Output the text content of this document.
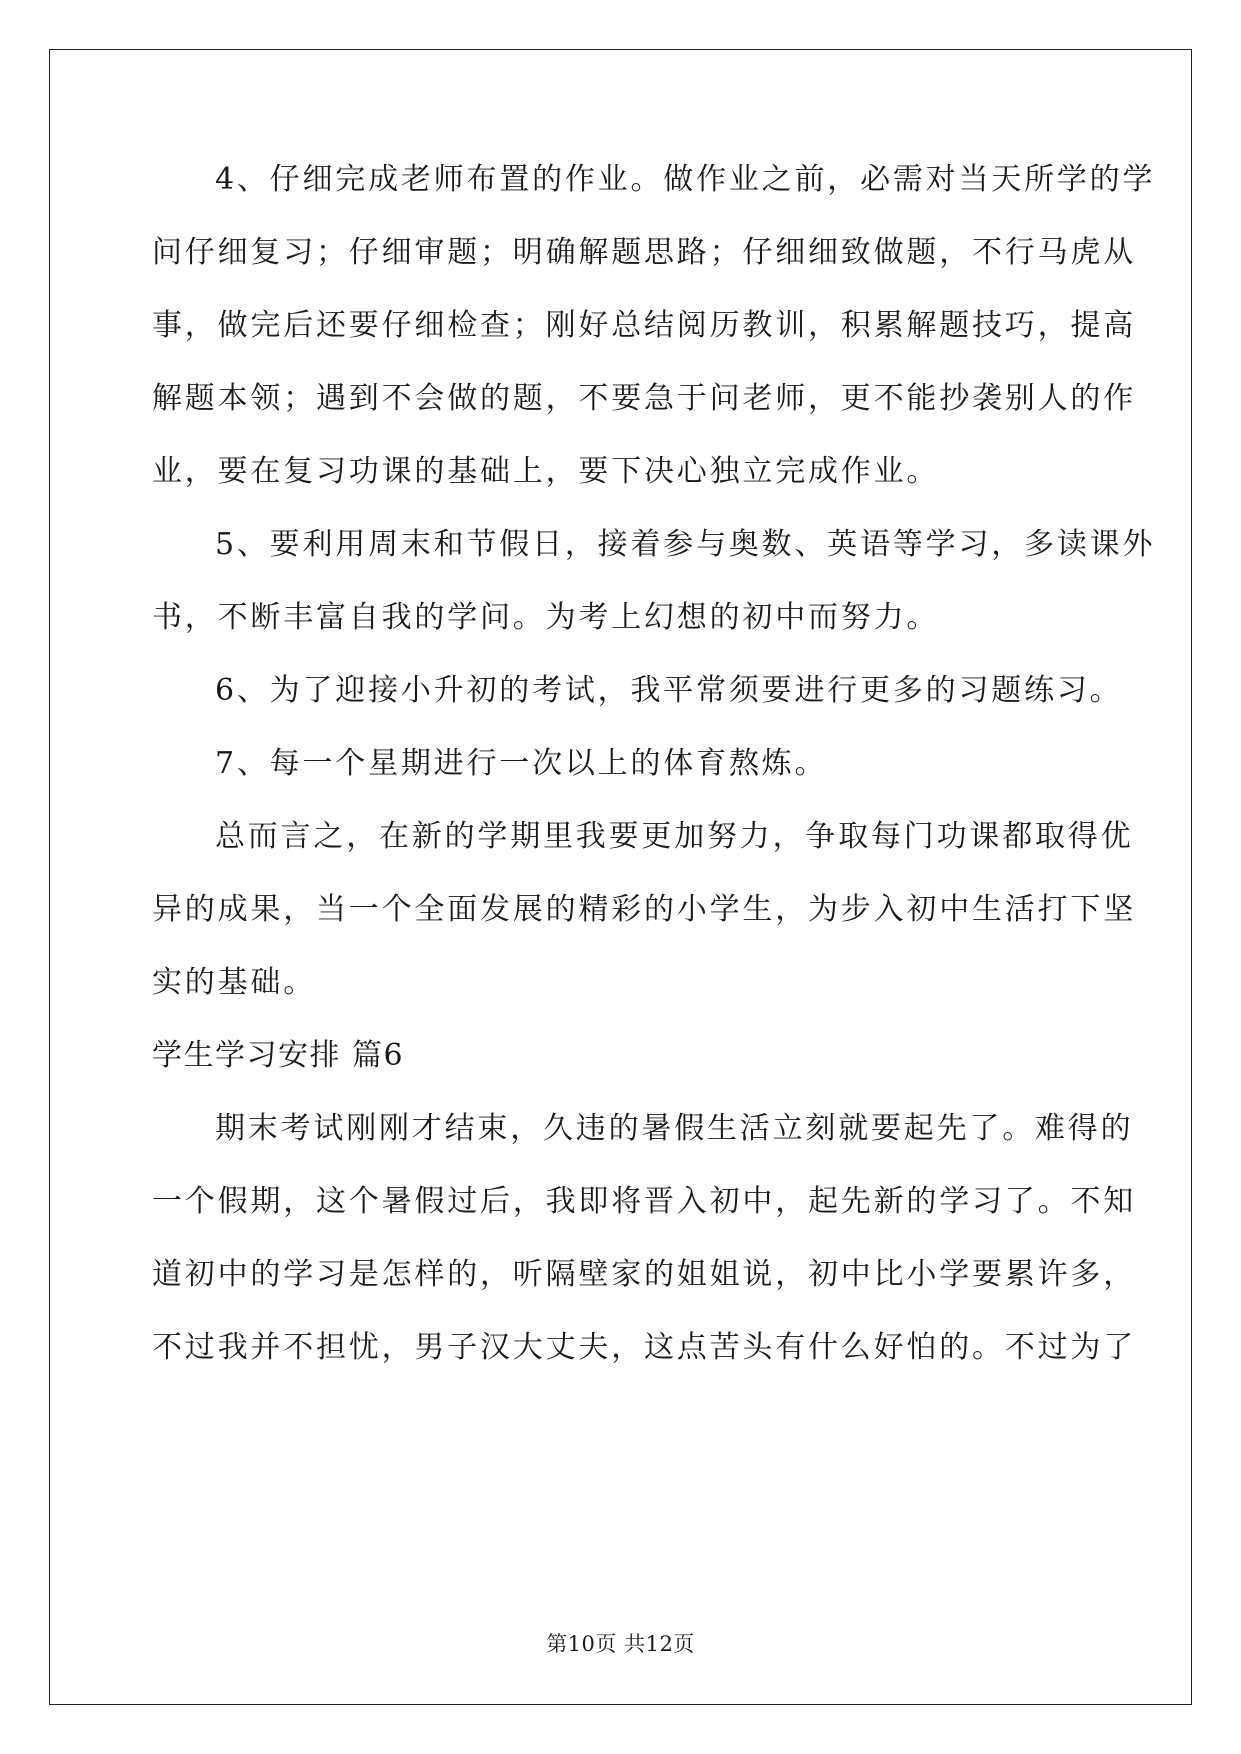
4、仔细完成老师布置的作业。做作业之前，必需对当天所学的学
问仔细复习；仔细审题；明确解题思路；仔细细致做题，不行马虎从
事，做完后还要仔细检查；刚好总结阅历教训，积累解题技巧，提高
解题本领；遇到不会做的题，不要急于问老师，更不能抄袭别人的作
业，要在复习功课的基础上，要下决心独立完成作业。
5、要利用周末和节假日，接着参与奥数、英语等学习，多读课外
书，不断丰富自我的学问。为考上幻想的初中而努力。
6、为了迎接小升初的考试，我平常须要进行更多的习题练习。
7、每一个星期进行一次以上的体育熬炼。
总而言之，在新的学期里我要更加努力，争取每门功课都取得优
异的成果，当一个全面发展的精彩的小学生，为步入初中生活打下坚
实的基础。
学生学习安排 篇6
期末考试刚刚才结束，久违的暑假生活立刻就要起先了。难得的
一个假期，这个暑假过后，我即将晋入初中，起先新的学习了。不知
道初中的学习是怎样的，听隔壁家的姐姐说，初中比小学要累许多，
不过我并不担忧，男子汉大丈夫，这点苦头有什么好怕的。不过为了
第10页 共12页
